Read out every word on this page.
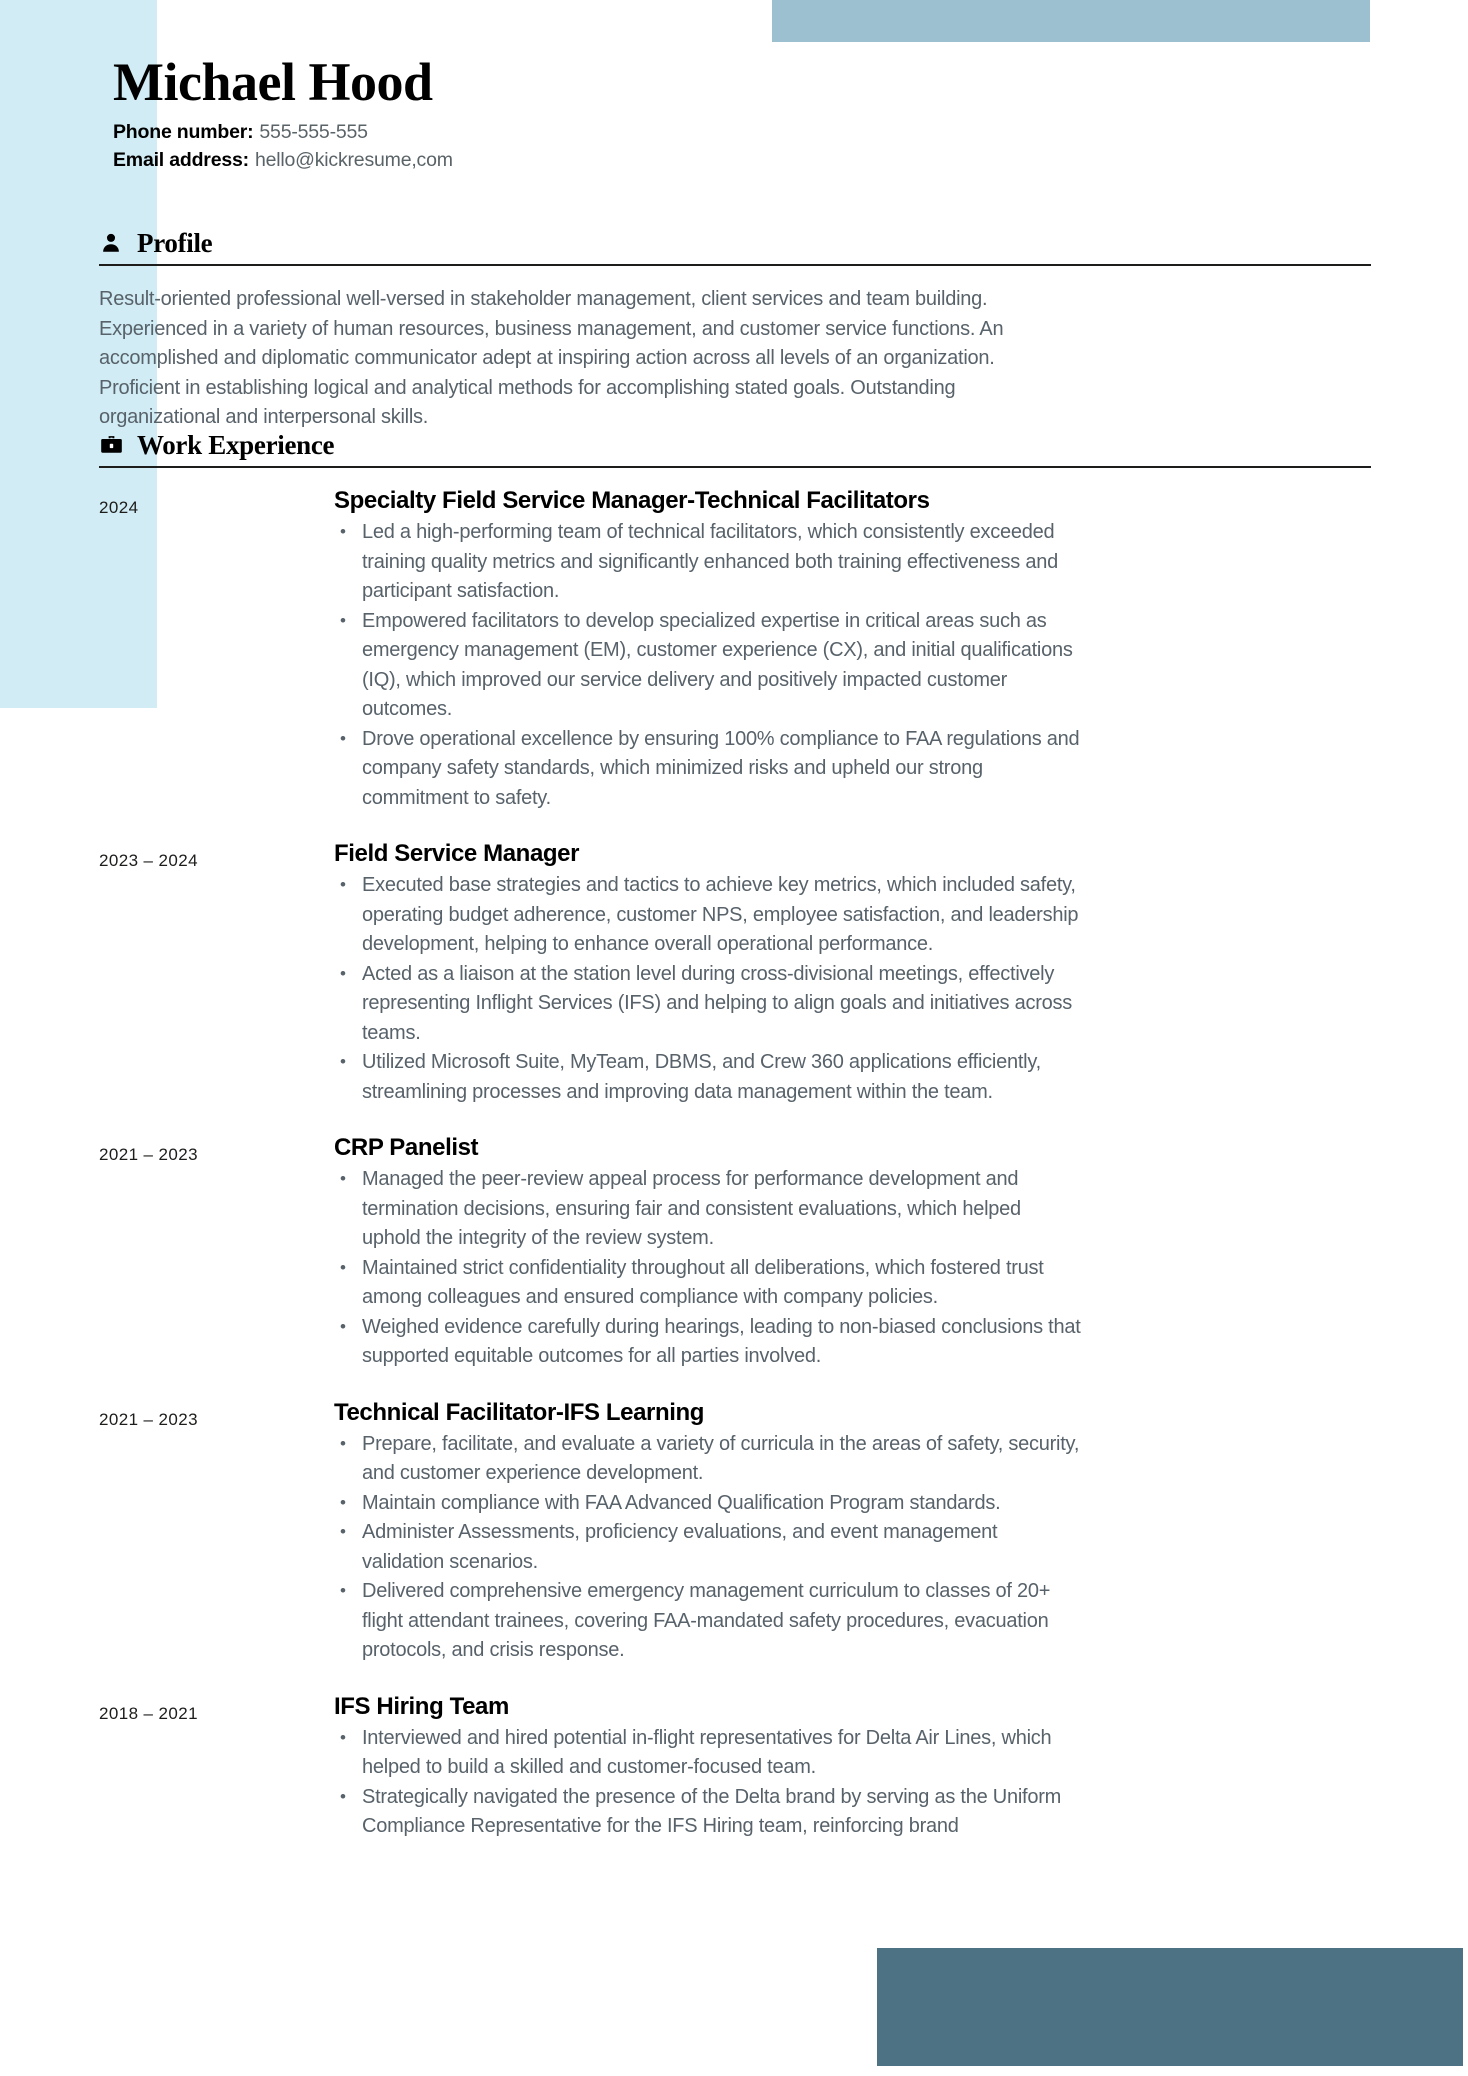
Michael Hood
Phone number: 555-555-555
Email address: hello@kickresume,com
Profile
Result-oriented professional well-versed in stakeholder management, client services and team building. Experienced in a variety of human resources, business management, and customer service functions. An accomplished and diplomatic communicator adept at inspiring action across all levels of an organization. Proficient in establishing logical and analytical methods for accomplishing stated goals. Outstanding organizational and interpersonal skills.
Work Experience
2024	Specialty Field Service Manager-Technical Facilitators
• Led a high-performing team of technical facilitators, which consistently exceeded training quality metrics and significantly enhanced both training effectiveness and participant satisfaction.
• Empowered facilitators to develop specialized expertise in critical areas such as emergency management (EM), customer experience (CX), and initial qualifications (IQ), which improved our service delivery and positively impacted customer outcomes.
• Drove operational excellence by ensuring 100% compliance to FAA regulations and company safety standards, which minimized risks and upheld our strong commitment to safety.
2023 – 2024	Field Service Manager
• Executed base strategies and tactics to achieve key metrics, which included safety, operating budget adherence, customer NPS, employee satisfaction, and leadership development, helping to enhance overall operational performance.
• Acted as a liaison at the station level during cross-divisional meetings, effectively representing Inflight Services (IFS) and helping to align goals and initiatives across teams.
• Utilized Microsoft Suite, MyTeam, DBMS, and Crew 360 applications efficiently, streamlining processes and improving data management within the team.
2021 – 2023	CRP Panelist
• Managed the peer-review appeal process for performance development and termination decisions, ensuring fair and consistent evaluations, which helped uphold the integrity of the review system.
• Maintained strict confidentiality throughout all deliberations, which fostered trust among colleagues and ensured compliance with company policies.
• Weighed evidence carefully during hearings, leading to non-biased conclusions that supported equitable outcomes for all parties involved.
2021 – 2023	Technical Facilitator-IFS Learning
• Prepare, facilitate, and evaluate a variety of curricula in the areas of safety, security, and customer experience development.
• Maintain compliance with FAA Advanced Qualification Program standards.
• Administer Assessments, proficiency evaluations, and event management validation scenarios.
• Delivered comprehensive emergency management curriculum to classes of 20+ flight attendant trainees, covering FAA-mandated safety procedures, evacuation protocols, and crisis response.
2018 – 2021	IFS Hiring Team
• Interviewed and hired potential in-flight representatives for Delta Air Lines, which helped to build a skilled and customer-focused team.
• Strategically navigated the presence of the Delta brand by serving as the Uniform Compliance Representative for the IFS Hiring team, reinforcing brand
